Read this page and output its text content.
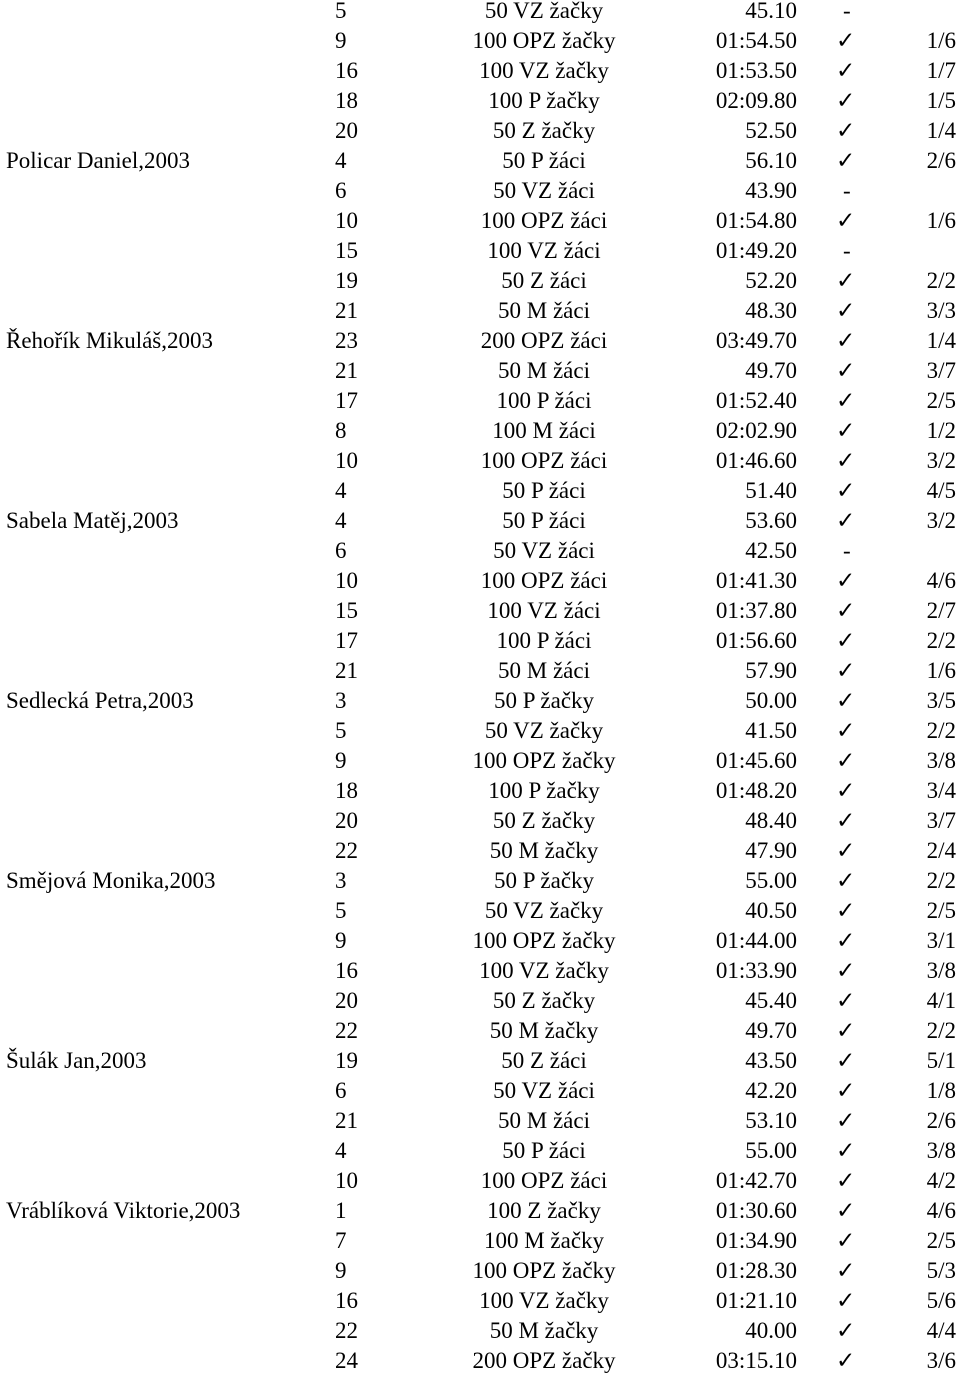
5	50 VZ žačky	45.10 -
9	100 OPZ žačky	01:54.50 ✓	1/6
16	100 VZ žačky	01:53.50 ✓	1/7
18	100 P žačky	02:09.80 ✓	1/5
20	50 Z žačky	52.50 ✓	1/4
Policar Daniel,2003	4	50 P žáci	56.10 ✓	2/6
6	50 VZ žáci	43.90 -
10	100 OPZ žáci	01:54.80 ✓	1/6
15	100 VZ žáci	01:49.20 -
19	50 Z žáci	52.20 ✓	2/2
21	50 M žáci	48.30 ✓	3/3
Řehořík Mikuláš,2003	23	200 OPZ žáci	03:49.70 ✓	1/4
21	50 M žáci	49.70 ✓	3/7
17	100 P žáci	01:52.40 ✓	2/5
8	100 M žáci	02:02.90 ✓	1/2
10	100 OPZ žáci	01:46.60 ✓	3/2
4	50 P žáci	51.40 ✓	4/5
Sabela Matěj,2003	4	50 P žáci	53.60 ✓	3/2
6	50 VZ žáci	42.50 -
10	100 OPZ žáci	01:41.30 ✓	4/6
15	100 VZ žáci	01:37.80 ✓	2/7
17	100 P žáci	01:56.60 ✓	2/2
21	50 M žáci	57.90 ✓	1/6
Sedlecká Petra,2003	3	50 P žačky	50.00 ✓	3/5
5	50 VZ žačky	41.50 ✓	2/2
9	100 OPZ žačky	01:45.60 ✓	3/8
18	100 P žačky	01:48.20 ✓	3/4
20	50 Z žačky	48.40 ✓	3/7
22	50 M žačky	47.90 ✓	2/4
Smějová Monika,2003	3	50 P žačky	55.00 ✓	2/2
5	50 VZ žačky	40.50 ✓	2/5
9	100 OPZ žačky	01:44.00 ✓	3/1
16	100 VZ žačky	01:33.90 ✓	3/8
20	50 Z žačky	45.40 ✓	4/1
22	50 M žačky	49.70 ✓	2/2
Šulák Jan,2003	19	50 Z žáci	43.50 ✓	5/1
6	50 VZ žáci	42.20 ✓	1/8
21	50 M žáci	53.10 ✓	2/6
4	50 P žáci	55.00 ✓	3/8
10	100 OPZ žáci	01:42.70 ✓	4/2
Vráblíková Viktorie,2003	1	100 Z žačky	01:30.60 ✓	4/6
7	100 M žačky	01:34.90 ✓	2/5
9	100 OPZ žačky	01:28.30 ✓	5/3
16	100 VZ žačky	01:21.10 ✓	5/6
22	50 M žačky	40.00 ✓	4/4
24	200 OPZ žačky	03:15.10 ✓	3/6
